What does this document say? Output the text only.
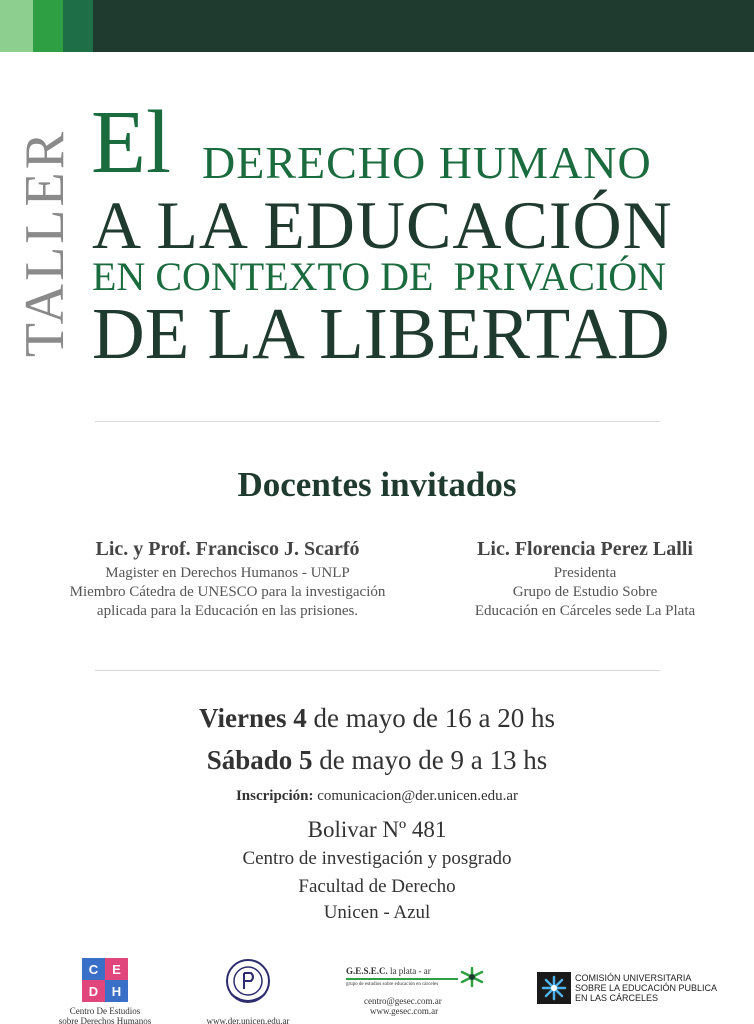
TALLER El DERECHO HUMANO
A LA EDUCACIÓN
EN CONTEXTO DE  PRIVACIÓN
DE LA LIBERTAD
Docentes invitados
Lic. y Prof. Francisco J. Scarfó
Magister en Derechos Humanos - UNLP
Miembro Cátedra de UNESCO para la investigación
aplicada para la Educación en las prisiones.
Lic. Florencia Perez Lalli
Presidenta
Grupo de Estudio Sobre
Educación en Cárceles sede La Plata
Viernes 4 de mayo de 16 a 20 hs
Sábado 5 de mayo de 9 a 13 hs
Inscripción: comunicacion@der.unicen.edu.ar
Bolivar Nº 481
Centro de investigación y posgrado
Facultad de Derecho
Unicen - Azul
C	E
D	H
Centro De Estudios
sobre Derechos Humanos	www.der.unicen.edu.ar
G.E.S.E.C. la plata - ar
grupo de estudios sobre educación en cárceles
centro@gesec.com.ar
www.gesec.com.ar
COMISIÓN UNIVERSITARIA
SOBRE LA EDUCACIÓN PUBLICA
EN LAS CÁRCELES
